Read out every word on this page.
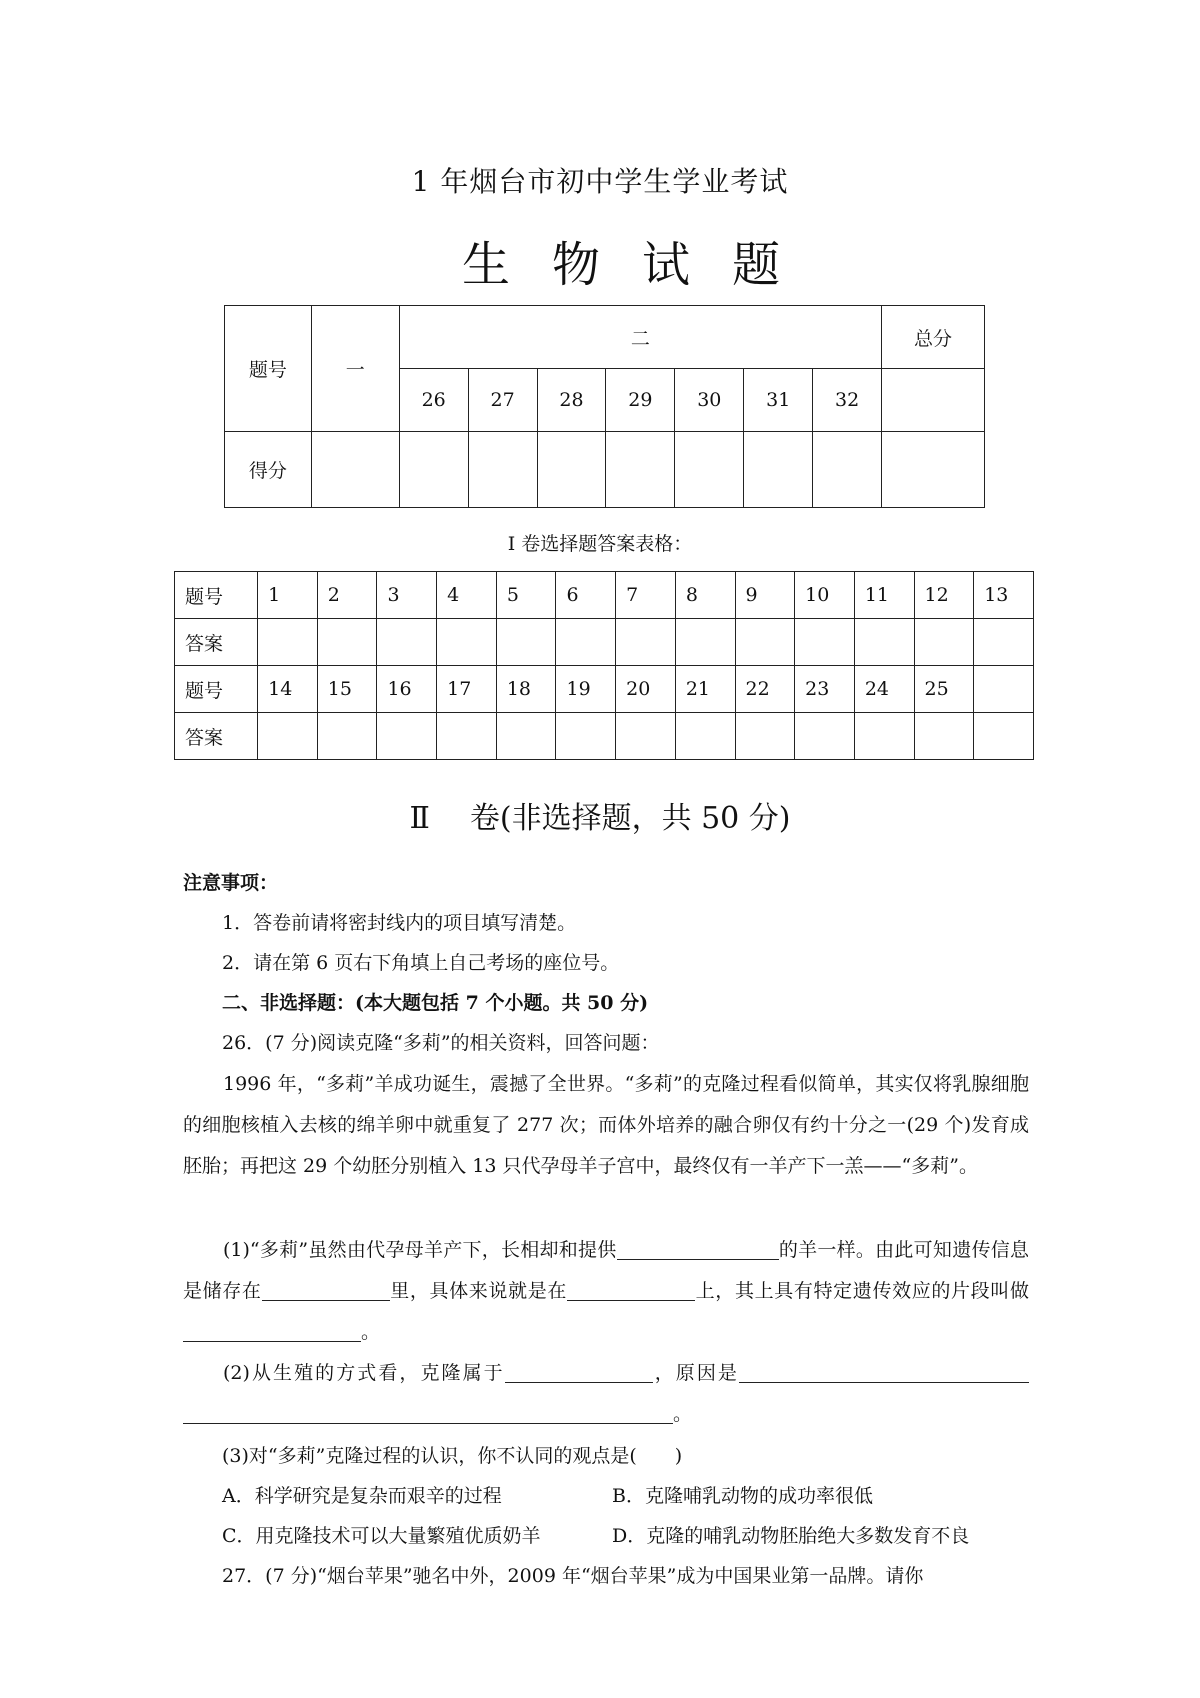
1 年烟台市初中学生学业考试
生物试题
题号	一	二							总分
		26	27	28	29	30	31	32	
得分									
I 卷选择题答案表格：
题号	1	2	3	4	5	6	7	8	9	10	11	12	13
答案													
题号	14	15	16	17	18	19	20	21	22	23	24	25	
答案													
Ⅱ 卷(非选择题，共 50 分)
注意事项：
1．答卷前请将密封线内的项目填写清楚。
2．请在第 6 页右下角填上自己考场的座位号。
二、非选择题：(本大题包括 7 个小题。共 50 分)
26．(7 分)阅读克隆“多莉”的相关资料，回答问题：
1996 年，“多莉”羊成功诞生，震撼了全世界。“多莉”的克隆过程看似简单，其实仅将乳腺细胞的细胞核植入去核的绵羊卵中就重复了 277 次；而体外培养的融合卵仅有约十分之一(29 个)发育成胚胎；再把这 29 个幼胚分别植入 13 只代孕母羊子宫中，最终仅有一羊产下一羔——“多莉”。
(1)“多莉”虽然由代孕母羊产下，长相却和提供	的羊一样。由此可知遗传信息是储存在	里，具体来说就是在	上，其上具有特定遗传效应的片段叫做。
(2)从生殖的方式看，克隆属于	，原因是。
(3)对“多莉”克隆过程的认识，你不认同的观点是(　　)
A．科学研究是复杂而艰辛的过程	B．克隆哺乳动物的成功率很低
C．用克隆技术可以大量繁殖优质奶羊	D．克隆的哺乳动物胚胎绝大多数发育不良
27．(7 分)“烟台苹果”驰名中外，2009 年“烟台苹果”成为中国果业第一品牌。请你
